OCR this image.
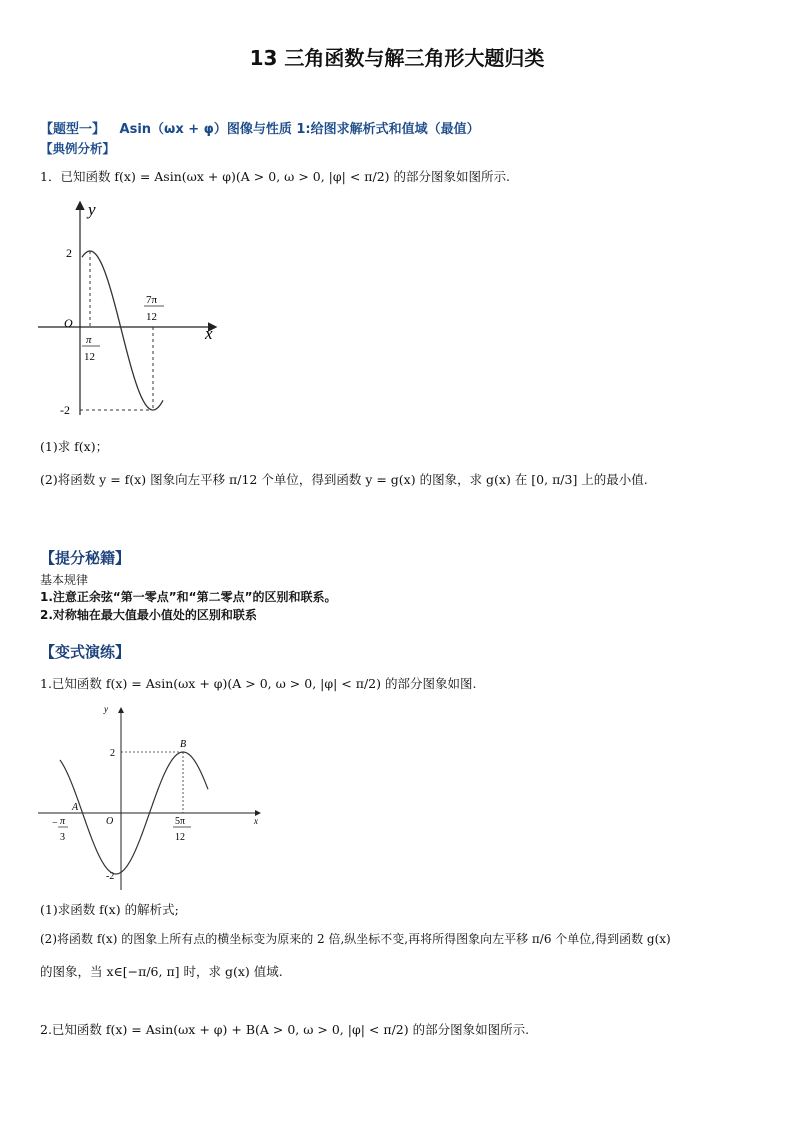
13 三角函数与解三角形大题归类
【题型一】 Asin（ωx + φ）图像与性质 1:给图求解析式和值域（最值）
【典例分析】
1．已知函数 f(x) = Asin(ωx + φ)(A > 0, ω > 0, |φ| < π/2) 的部分图象如图所示.
y
x
O
2
-2
π
12
7π
12
(1)求 f(x)；
(2)将函数 y = f(x) 图象向左平移 π/12 个单位，得到函数 y = g(x) 的图象，求 g(x) 在 [0, π/3] 上的最小值.
【提分秘籍】
基本规律
1.注意正余弦“第一零点”和“第二零点”的区别和联系。
2.对称轴在最大值最小值处的区别和联系
【变式演练】
1.已知函数 f(x) = Asin(ωx + φ)(A > 0, ω > 0, |φ| < π/2) 的部分图象如图.
y
x
O
2
-2
A
B
− π
3
5π
12
(1)求函数 f(x) 的解析式;
(2)将函数 f(x) 的图象上所有点的横坐标变为原来的 2 倍,纵坐标不变,再将所得图象向左平移 π/6 个单位,得到函数 g(x)
的图象，当 x∈[−π/6, π] 时，求 g(x) 值域.
2.已知函数 f(x) = Asin(ωx + φ) + B(A > 0, ω > 0, |φ| < π/2) 的部分图象如图所示.
